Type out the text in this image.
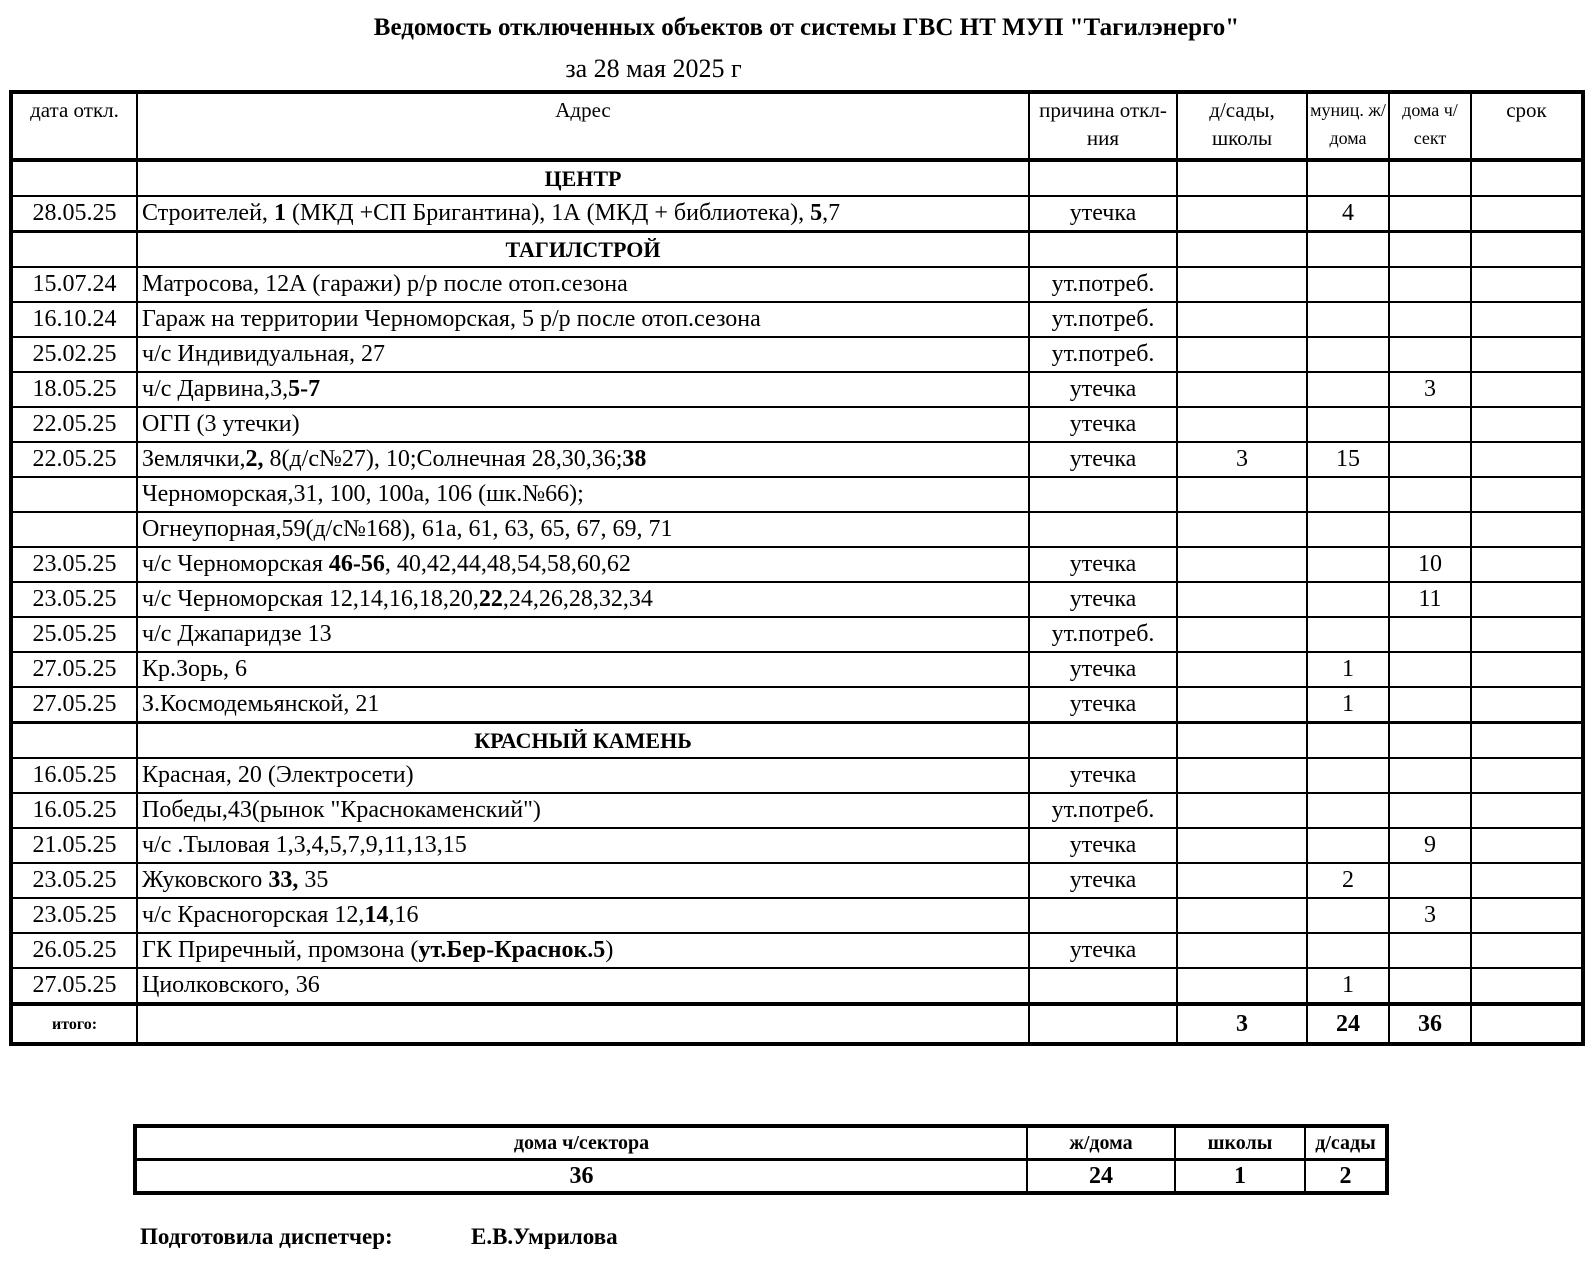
Ведомость отключенных объектов от системы ГВС НТ МУП "Тагилэнерго"
за 28 мая 2025 г
дата откл.	Адрес	причина откл-ния	д/сады, школы	муниц. ж/дома	дома ч/сект	срок
	ЦЕНТР					
28.05.25	Строителей, 1 (МКД +СП Бригантина), 1А (МКД + библиотека), 5,7	утечка		4		
	ТАГИЛСТРОЙ					
15.07.24	Матросова, 12А (гаражи) р/р после отоп.сезона	ут.потреб.				
16.10.24	Гараж на территории Черноморская, 5 р/р после отоп.сезона	ут.потреб.				
25.02.25	ч/с Индивидуальная, 27	ут.потреб.				
18.05.25	ч/с Дарвина,3,5-7	утечка			3	
22.05.25	ОГП (3 утечки)	утечка				
22.05.25	Землячки,2, 8(д/с№27), 10;Солнечная 28,30,36;38	утечка	3	15		
	Черноморская,31, 100, 100а, 106 (шк.№66);					
	Огнеупорная,59(д/с№168), 61а, 61, 63, 65, 67, 69, 71					
23.05.25	ч/с Черноморская 46-56, 40,42,44,48,54,58,60,62	утечка			10	
23.05.25	ч/с Черноморская 12,14,16,18,20,22,24,26,28,32,34	утечка			11	
25.05.25	ч/с Джапаридзе 13	ут.потреб.				
27.05.25	Кр.Зорь, 6	утечка		1		
27.05.25	З.Космодемьянской, 21	утечка		1		
	КРАСНЫЙ КАМЕНЬ					
16.05.25	Красная, 20 (Электросети)	утечка				
16.05.25	Победы,43(рынок "Краснокаменский")	ут.потреб.				
21.05.25	ч/с .Тыловая 1,3,4,5,7,9,11,13,15	утечка			9	
23.05.25	Жуковского 33, 35	утечка		2		
23.05.25	ч/с Красногорская 12,14,16				3	
26.05.25	ГК Приречный, промзона (ут.Бер-Краснок.5)	утечка				
27.05.25	Циолковского, 36			1		
итого:			3	24	36	
дома ч/сектора	ж/дома	школы	д/сады
36	24	1	2
Подготовила диспетчер:	Е.В.Умрилова
